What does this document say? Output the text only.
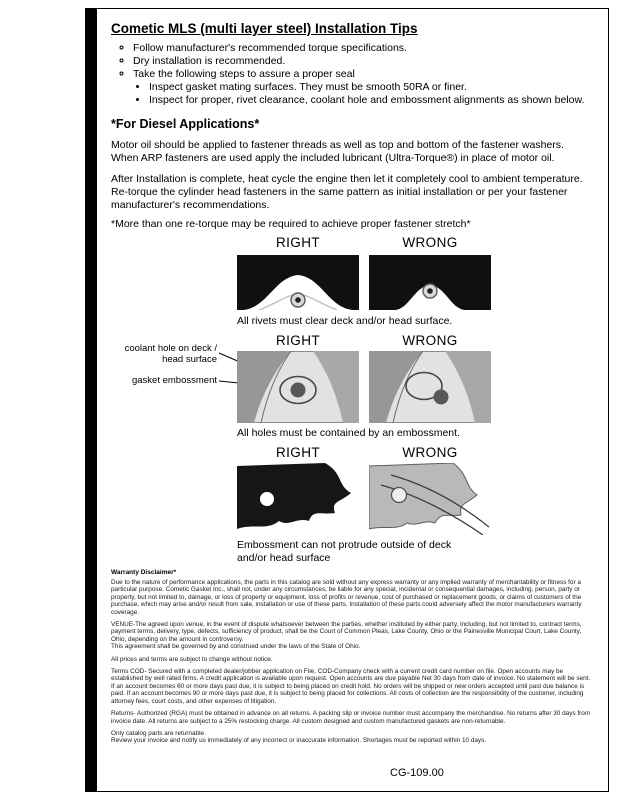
Cometic MLS (multi layer steel) Installation Tips
◦ Follow manufacturer's recommended torque specifications.
◦ Dry installation is recommended.
◦ Take the following steps to assure a proper seal
• Inspect gasket mating surfaces. They must be smooth 50RA or finer.
• Inspect for proper, rivet clearance, coolant hole and embossment alignments as shown below.
*For Diesel Applications*

Motor oil should be applied to fastener threads as well as top and bottom of the fastener washers. When ARP fasteners are used apply the included lubricant (Ultra-Torque®) in place of motor oil.

After Installation is complete, heat cycle the engine then let it completely cool to ambient temperature. Re-torque the cylinder head fasteners in the same pattern as initial installation or per your fastener manufacturer's recommendations.

*More than one re-torque may be required to achieve proper fastener stretch*

RIGHT	WRONG
All rivets must clear deck and/or head surface.
RIGHT	WRONG
coolant hole on deck / head surface
gasket embossment
All holes must be contained by an embossment.
RIGHT	WRONG
Embossment can not protrude outside of deck
and/or head surface
Warranty Disclaimer*

Due to the nature of performance applications, the parts in this catalog are sold without any express warranty or any implied warranty of merchantability or fitness for a particular purpose. Cometic Gasket Inc., shall not, under any circumstances, be liable for any special, incidental or consequential damages, including, person, party or property, but not limited to, damage, or loss of property or equipment, loss of profits or revenue, cost of purchased or replacement goods, or claims of customers of the purchase, which may arise and/or result from sale, installation or use of these parts. Installation of these parts could adversely affect the motor manufacturers warranty coverage.

VENUE-The agreed upon venue, in the event of dispute whatsoever between the parties, whether instituted by either party, including, but not limited to, contract terms, payment terms, delivery, type, defects, sufficiency of product, shall be the Court of Common Pleas, Lake County, Ohio or the Painesville Municipal Court, Lake County, Ohio, depending on the amount in controversy.

This agreement shall be governed by and construed under the laws of the State of Ohio.

All prices and terms are subject to change without notice.

Terms COD- Secured with a completed dealer/jobber application on File, COD-Company check with a current credit card number on file. Open accounts may be established by well rated firms. A credit application is available upon request. Open accounts are due payable Net 30 days from date of invoice. No statement will be sent. If an account becomes 60 or more days past due, it is subject to being placed on credit hold. No orders will be shipped or new orders accepted until past due balance is paid. If an account becomes 90 or more days past due, it is subject to being placed for collections. All costs of collection are the responsibility of the customer, including attorney fees, court costs, and other expenses of litigation.

Returns- Authorized (RGA) must be obtained in advance on all returns. A packing slip or invoice number must accompany the merchandise. No returns after 30 days from invoice date. All returns are subject to a 25% restocking charge. All custom designed and custom manufactured gaskets are non-returnable.

Only catalog parts are returnable.

Review your invoice and notify us immediately of any incorrect or inaccurate information. Shortages must be reported within 10 days.

CG-109.00
